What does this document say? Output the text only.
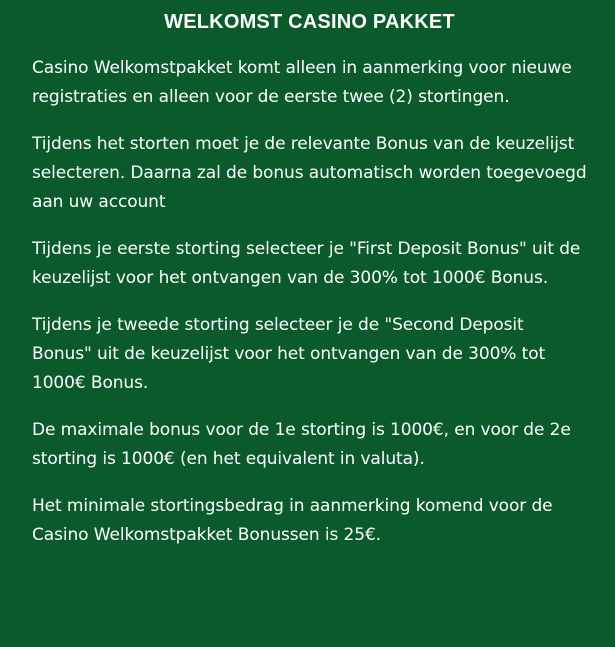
WELKOMST CASINO PAKKET

Casino Welkomstpakket komt alleen in aanmerking voor nieuwe registraties en alleen voor de eerste twee (2) stortingen.

Tijdens het storten moet je de relevante Bonus van de keuzelijst selecteren. Daarna zal de bonus automatisch worden toegevoegd aan uw account

Tijdens je eerste storting selecteer je "First Deposit Bonus" uit de keuzelijst voor het ontvangen van de 300% tot 1000€ Bonus.

Tijdens je tweede storting selecteer je de "Second Deposit Bonus" uit de keuzelijst voor het ontvangen van de 300% tot 1000€ Bonus.

De maximale bonus voor de 1e storting is 1000€, en voor de 2e storting is 1000€ (en het equivalent in valuta).

Het minimale stortingsbedrag in aanmerking komend voor de Casino Welkomstpakket Bonussen is 25€.
